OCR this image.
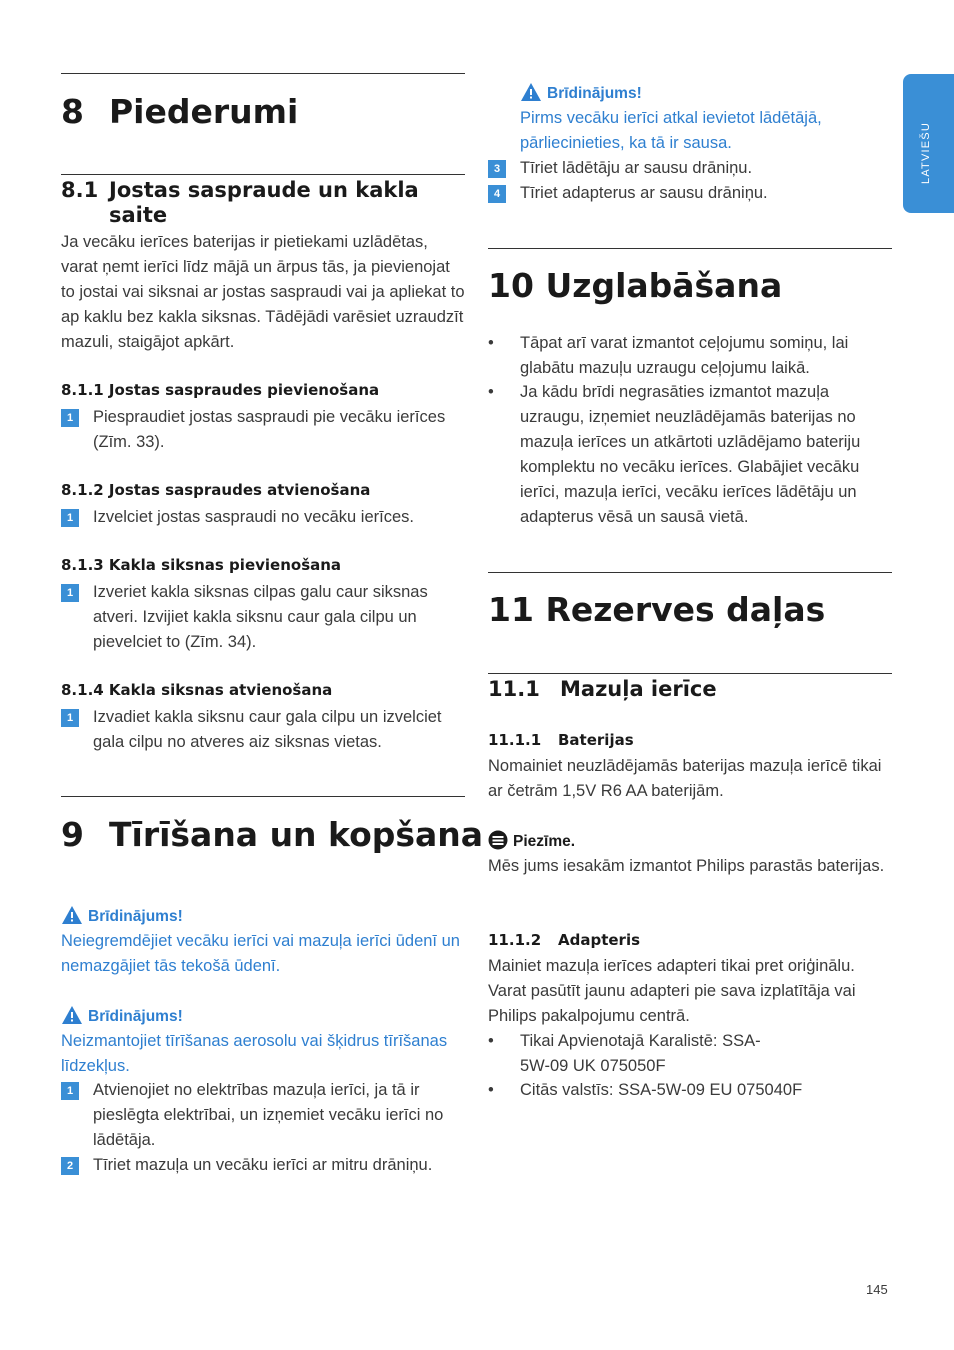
8 Piederumi
8.1 Jostas saspraude un kakla
saite

Ja vecāku ierīces baterijas ir pietiekami uzlādētas, varat ņemt ierīci līdz mājā un ārpus tās, ja pievienojat to jostai vai siksnai ar jostas saspraudi vai ja apliekat to ap kaklu bez kakla siksnas. Tādējādi varēsiet uzraudzīt mazuli, staigājot apkārt.

8.1.1 Jostas saspraudes pievienošana
1	Piespraudiet jostas saspraudi pie vecāku ierīces (Zīm. 33).
8.1.2 Jostas saspraudes atvienošana
1	Izvelciet jostas saspraudi no vecāku ierīces.
8.1.3 Kakla siksnas pievienošana
1	Izveriet kakla siksnas cilpas galu caur siksnas atveri. Izvijiet kakla siksnu caur gala cilpu un pievelciet to (Zīm. 34).
8.1.4 Kakla siksnas atvienošana
1	Izvadiet kakla siksnu caur gala cilpu un izvelciet gala cilpu no atveres aiz siksnas vietas.
9 Tīrīšana un kopšana
Brīdinājums!

Neiegremdējiet vecāku ierīci vai mazuļa ierīci ūdenī un nemazgājiet tās tekošā ūdenī.

Brīdinājums!

Neizmantojiet tīrīšanas aerosolu vai šķidrus tīrīšanas līdzekļus.

1	Atvienojiet no elektrības mazuļa ierīci, ja tā ir pieslēgta elektrībai, un izņemiet vecāku ierīci no lādētāja.
2	Tīriet mazuļa un vecāku ierīci ar mitru drāniņu.
Brīdinājums!

Pirms vecāku ierīci atkal ievietot lādētājā, pārliecinieties, ka tā ir sausa.

3	Tīriet lādētāju ar sausu drāniņu.
4	Tīriet adapterus ar sausu drāniņu.
10 Uzglabāšana
•	Tāpat arī varat izmantot ceļojumu somiņu, lai glabātu mazuļu uzraugu ceļojumu laikā.
•	Ja kādu brīdi negrasāties izmantot mazuļa uzraugu, izņemiet neuzlādējamās baterijas no mazuļa ierīces un atkārtoti uzlādējamo bateriju komplektu no vecāku ierīces. Glabājiet vecāku ierīci, mazuļa ierīci, vecāku ierīces lādētāju un adapterus vēsā un sausā vietā.
11 Rezerves daļas
11.1 Mazuļa ierīce
11.1.1 Baterijas

Nomainiet neuzlādējamās baterijas mazuļa ierīcē tikai ar četrām 1,5V R6 AA baterijām.

Piezīme.

Mēs jums iesakām izmantot Philips parastās baterijas.

11.1.2 Adapteris

Mainiet mazuļa ierīces adapteri tikai pret oriģinālu. Varat pasūtīt jaunu adapteri pie sava izplatītāja vai Philips pakalpojumu centrā.

•	Tikai Apvienotajā Karalistē: SSA-5W-09 UK 075050F
•	Citās valstīs: SSA-5W-09 EU 075040F
LATVIEŠU
145
